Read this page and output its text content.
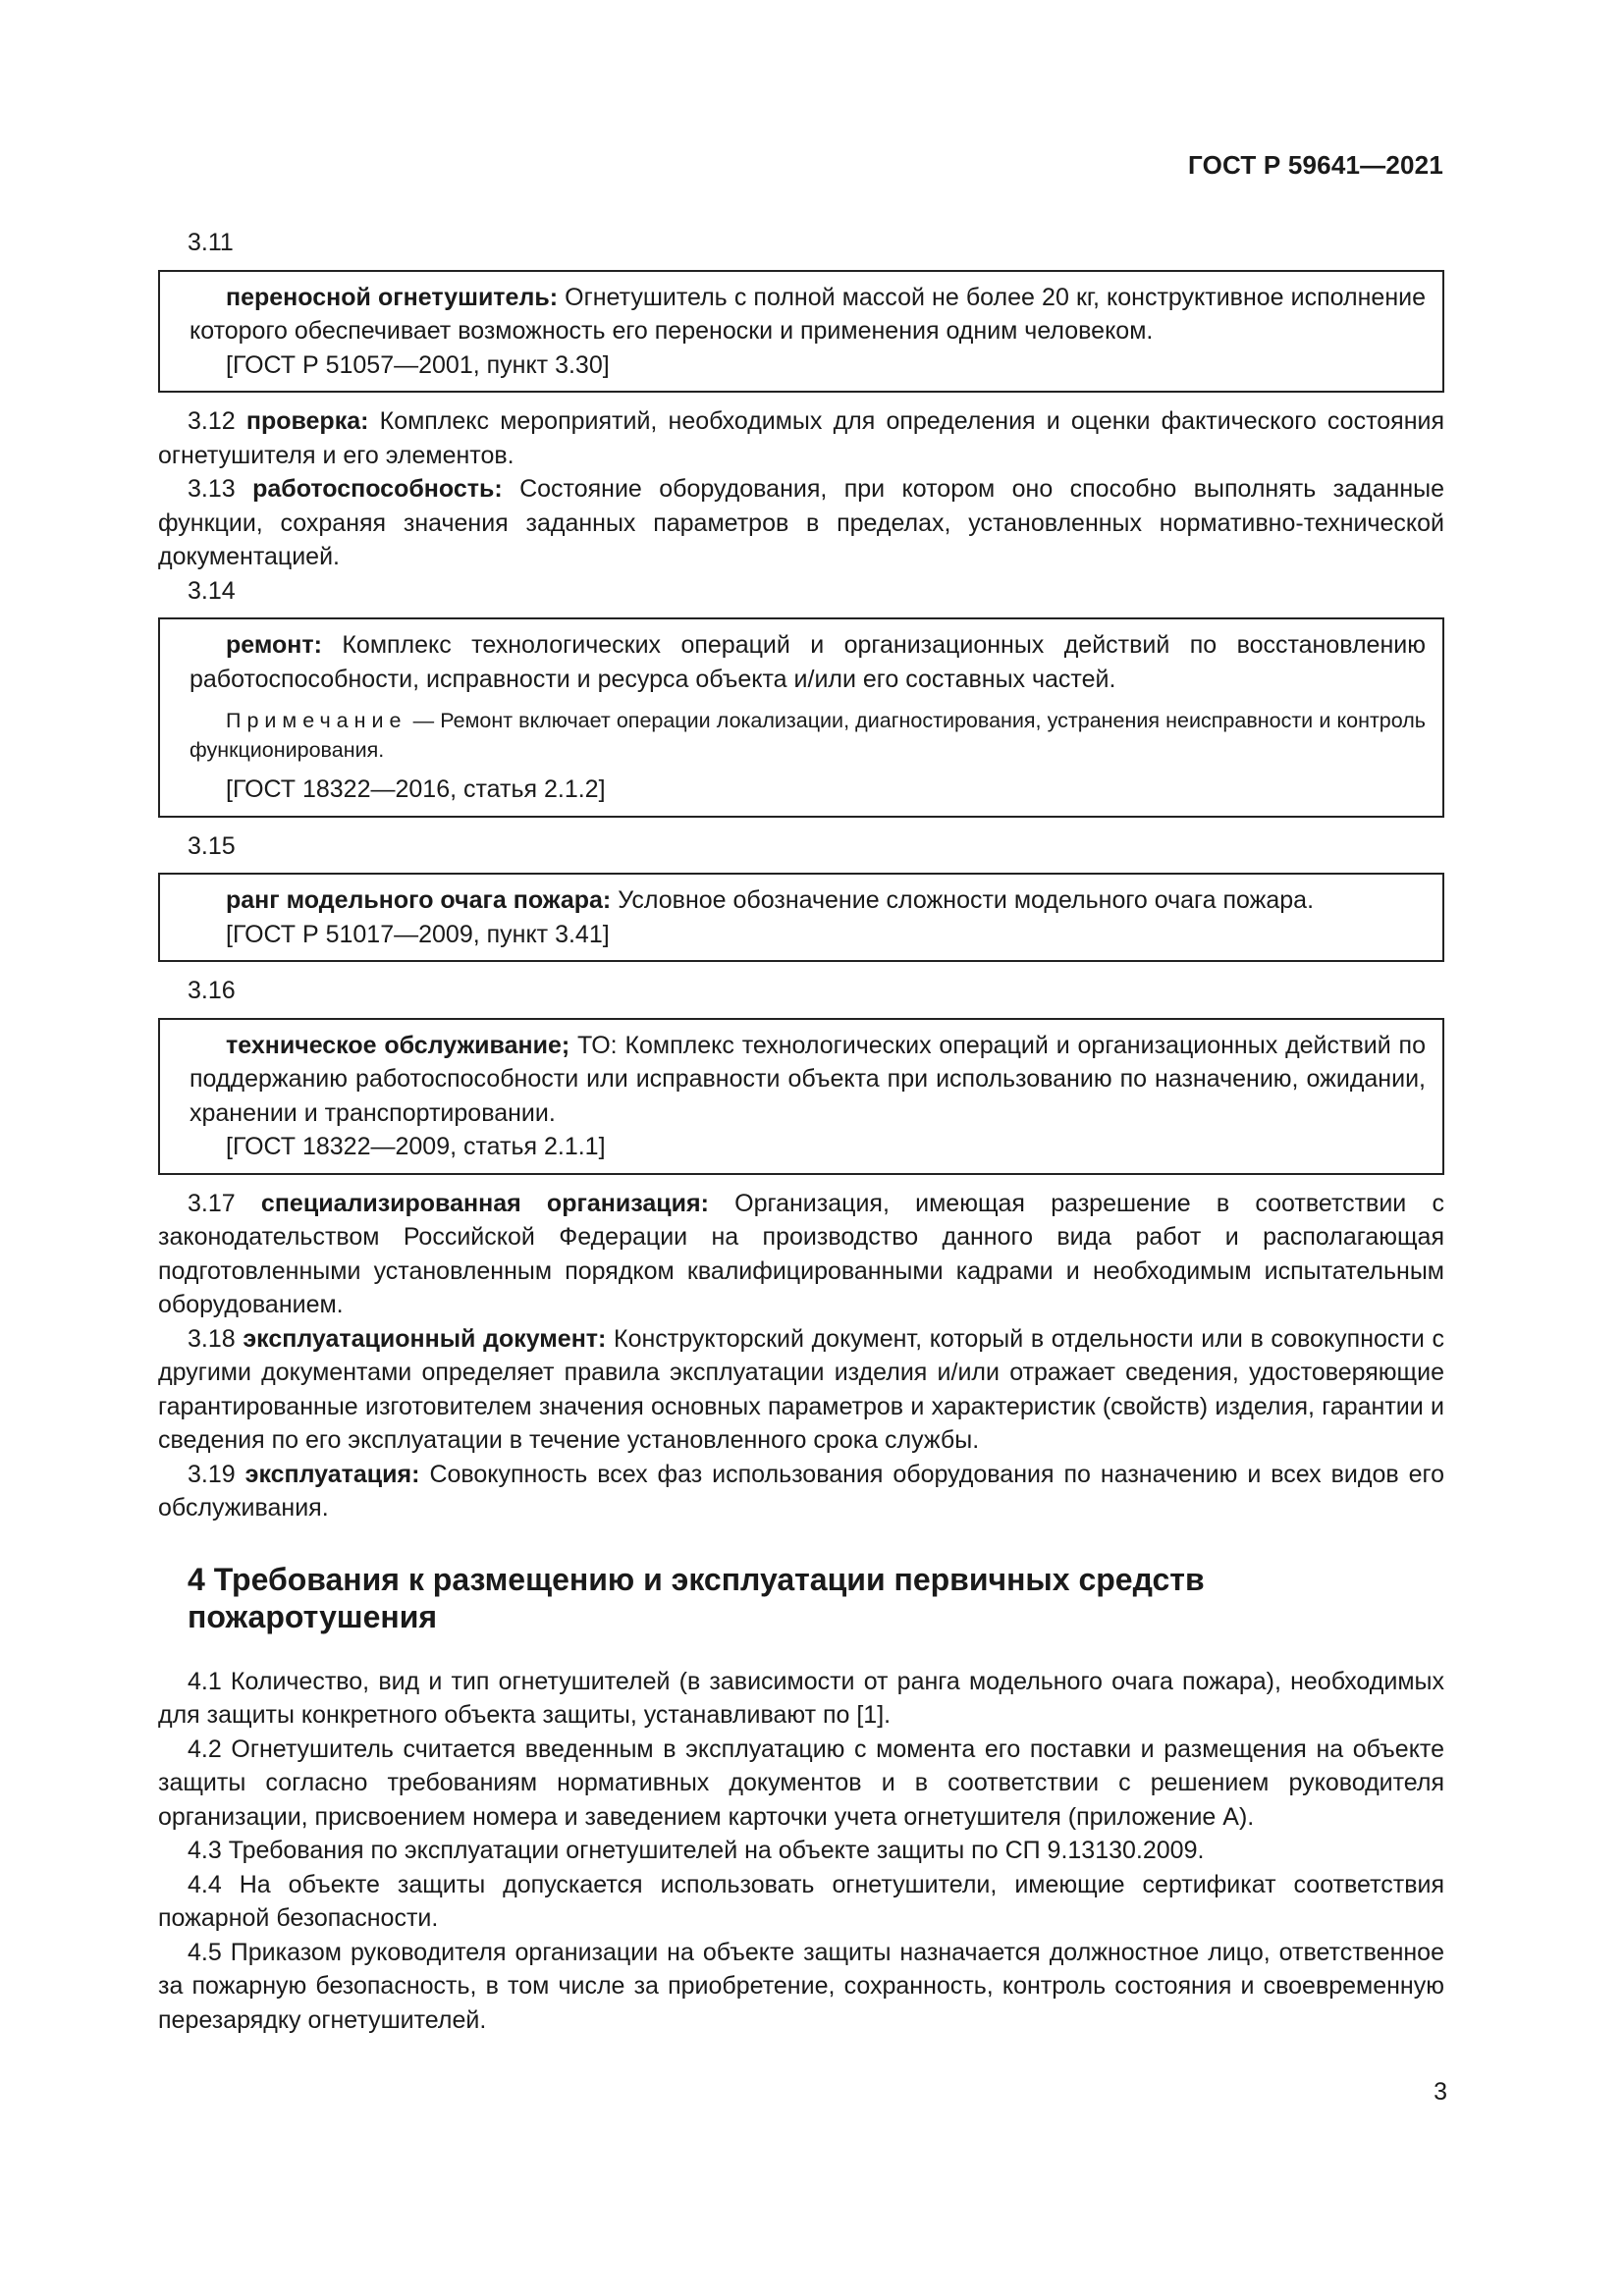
ГОСТ Р 59641—2021

3.11

переносной огнетушитель: Огнетушитель с полной массой не более 20 кг, конструктивное исполнение которого обеспечивает возможность его переноски и применения одним человеком.

[ГОСТ Р 51057—2001, пункт 3.30]

3.12 проверка: Комплекс мероприятий, необходимых для определения и оценки фактического состояния огнетушителя и его элементов.

3.13 работоспособность: Состояние оборудования, при котором оно способно выполнять заданные функции, сохраняя значения заданных параметров в пределах, установленных нормативно-технической документацией.

3.14

ремонт: Комплекс технологических операций и организационных действий по восстановлению работоспособности, исправности и ресурса объекта и/или его составных частей.

Примечание — Ремонт включает операции локализации, диагностирования, устранения неисправности и контроль функционирования.

[ГОСТ 18322—2016, статья 2.1.2]

3.15

ранг модельного очага пожара: Условное обозначение сложности модельного очага пожара.

[ГОСТ Р 51017—2009, пункт 3.41]

3.16

техническое обслуживание; ТО: Комплекс технологических операций и организационных действий по поддержанию работоспособности или исправности объекта при использованию по назначению, ожидании, хранении и транспортировании.

[ГОСТ 18322—2009, статья 2.1.1]

3.17 специализированная организация: Организация, имеющая разрешение в соответствии с законодательством Российской Федерации на производство данного вида работ и располагающая подготовленными установленным порядком квалифицированными кадрами и необходимым испытательным оборудованием.

3.18 эксплуатационный документ: Конструкторский документ, который в отдельности или в совокупности с другими документами определяет правила эксплуатации изделия и/или отражает сведения, удостоверяющие гарантированные изготовителем значения основных параметров и характеристик (свойств) изделия, гарантии и сведения по его эксплуатации в течение установленного срока службы.

3.19 эксплуатация: Совокупность всех фаз использования оборудования по назначению и всех видов его обслуживания.

4 Требования к размещению и эксплуатации первичных средств
пожаротушения

4.1 Количество, вид и тип огнетушителей (в зависимости от ранга модельного очага пожара), необходимых для защиты конкретного объекта защиты, устанавливают по [1].

4.2 Огнетушитель считается введенным в эксплуатацию с момента его поставки и размещения на объекте защиты согласно требованиям нормативных документов и в соответствии с решением руководителя организации, присвоением номера и заведением карточки учета огнетушителя (приложение А).

4.3 Требования по эксплуатации огнетушителей на объекте защиты по СП 9.13130.2009.

4.4 На объекте защиты допускается использовать огнетушители, имеющие сертификат соответствия пожарной безопасности.

4.5 Приказом руководителя организации на объекте защиты назначается должностное лицо, ответственное за пожарную безопасность, в том числе за приобретение, сохранность, контроль состояния и своевременную перезарядку огнетушителей.

3
